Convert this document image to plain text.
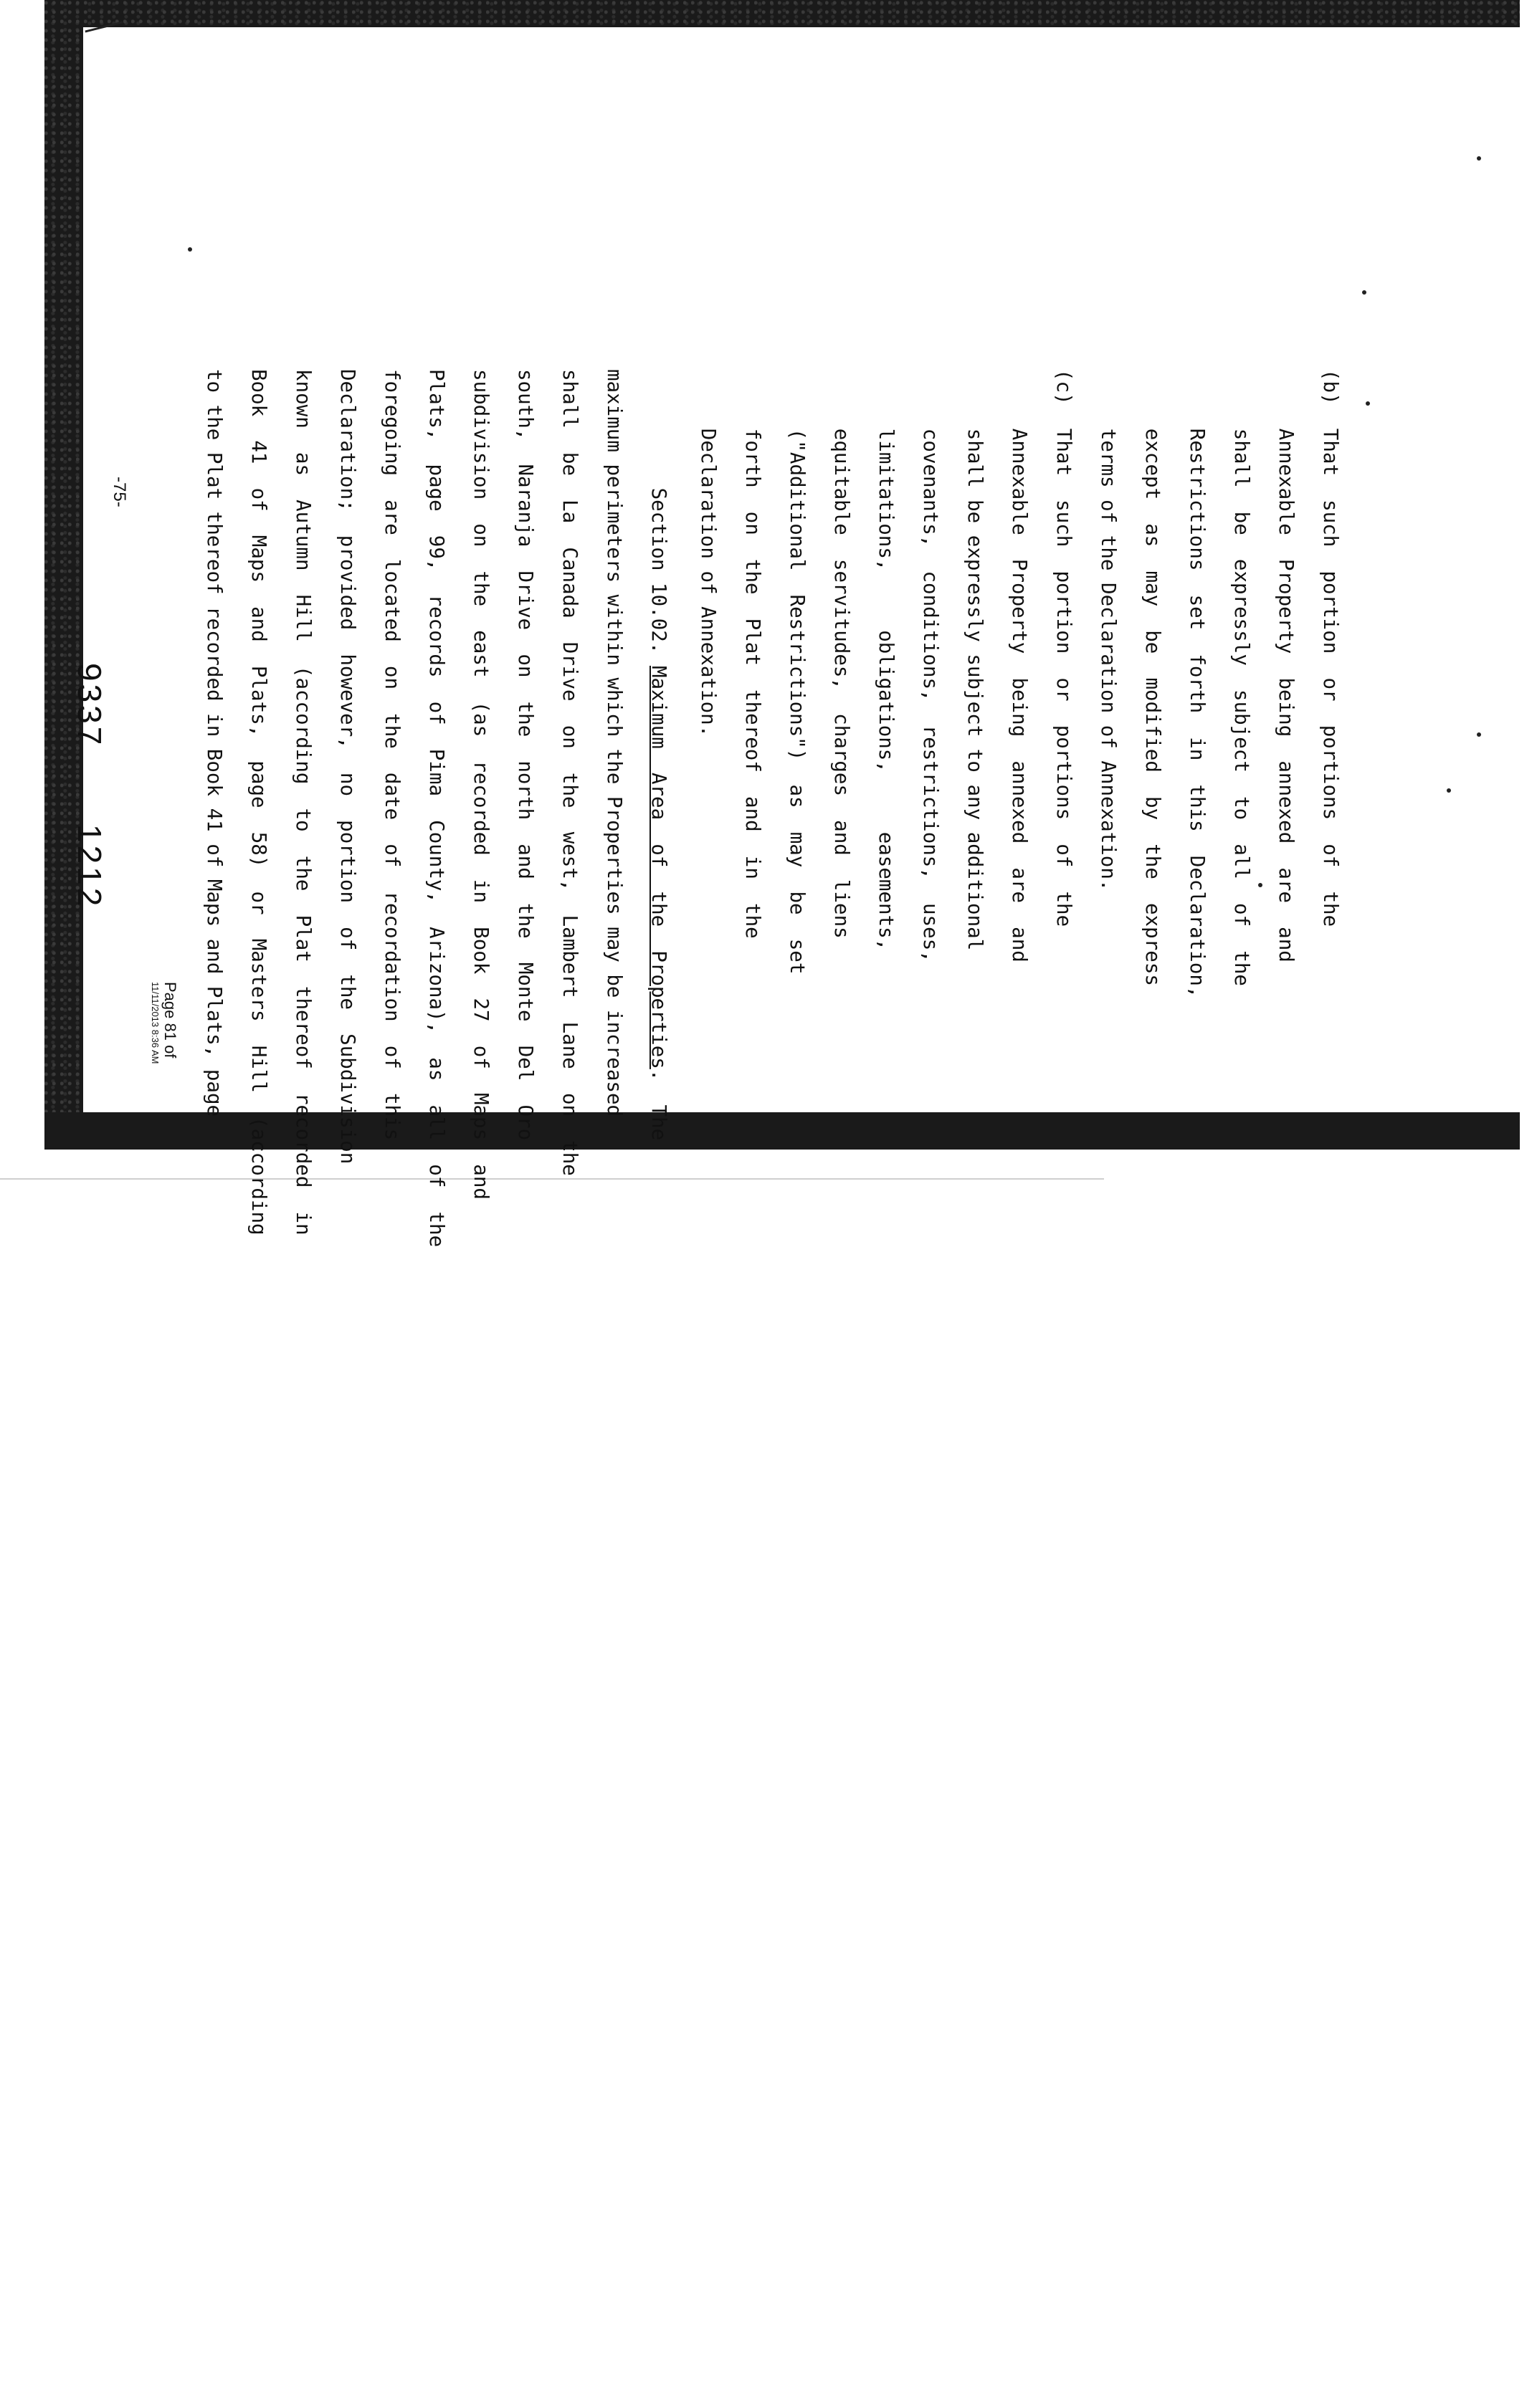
(b)  That  such  portion  or  portions  of  the
Annexable  Property  being  annexed  are  and
shall  be  expressly  subject  to  all  of  the
Restrictions  set  forth  in  this  Declaration,
except  as  may  be  modified  by  the  express
terms of the Declaration of Annexation.
(c)  That  such  portion  or  portions  of  the
Annexable  Property  being  annexed  are  and
shall be expressly subject to any additional
covenants,  conditions,  restrictions,  uses,
limitations,     obligations,     easements,
equitable  servitudes,  charges  and  liens
("Additional  Restrictions")  as  may  be  set
forth  on  the  Plat  thereof  and  in  the
Declaration of Annexation.
Section 10.02. Maximum  Area  of  the  Properties.  The
maximum perimeters within which the Properties may be increased
shall  be  La  Canada  Drive  on  the  west,  Lambert  Lane  on  the
south,  Naranja  Drive  on  the  north  and  the  Monte  Del  Oro
subdivision  on  the  east  (as  recorded  in  Book  27  of  Maps  and
Plats,  page  99,  records  of  Pima  County,  Arizona),  as  all  of  the
foregoing  are  located  on  the  date  of  recordation  of  this
Declaration;  provided  however,  no  portion  of  the  Subdivision
known  as  Autumn  Hill  (according  to  the  Plat  thereof  recorded  in
Book  41  of  Maps  and  Plats,  page  58)  or  Masters  Hill  (according
to the Plat thereof recorded in Book 41 of Maps and Plats, page
-75-
9337
1212
Page 81 of
11/11/2013 8:36 AM
